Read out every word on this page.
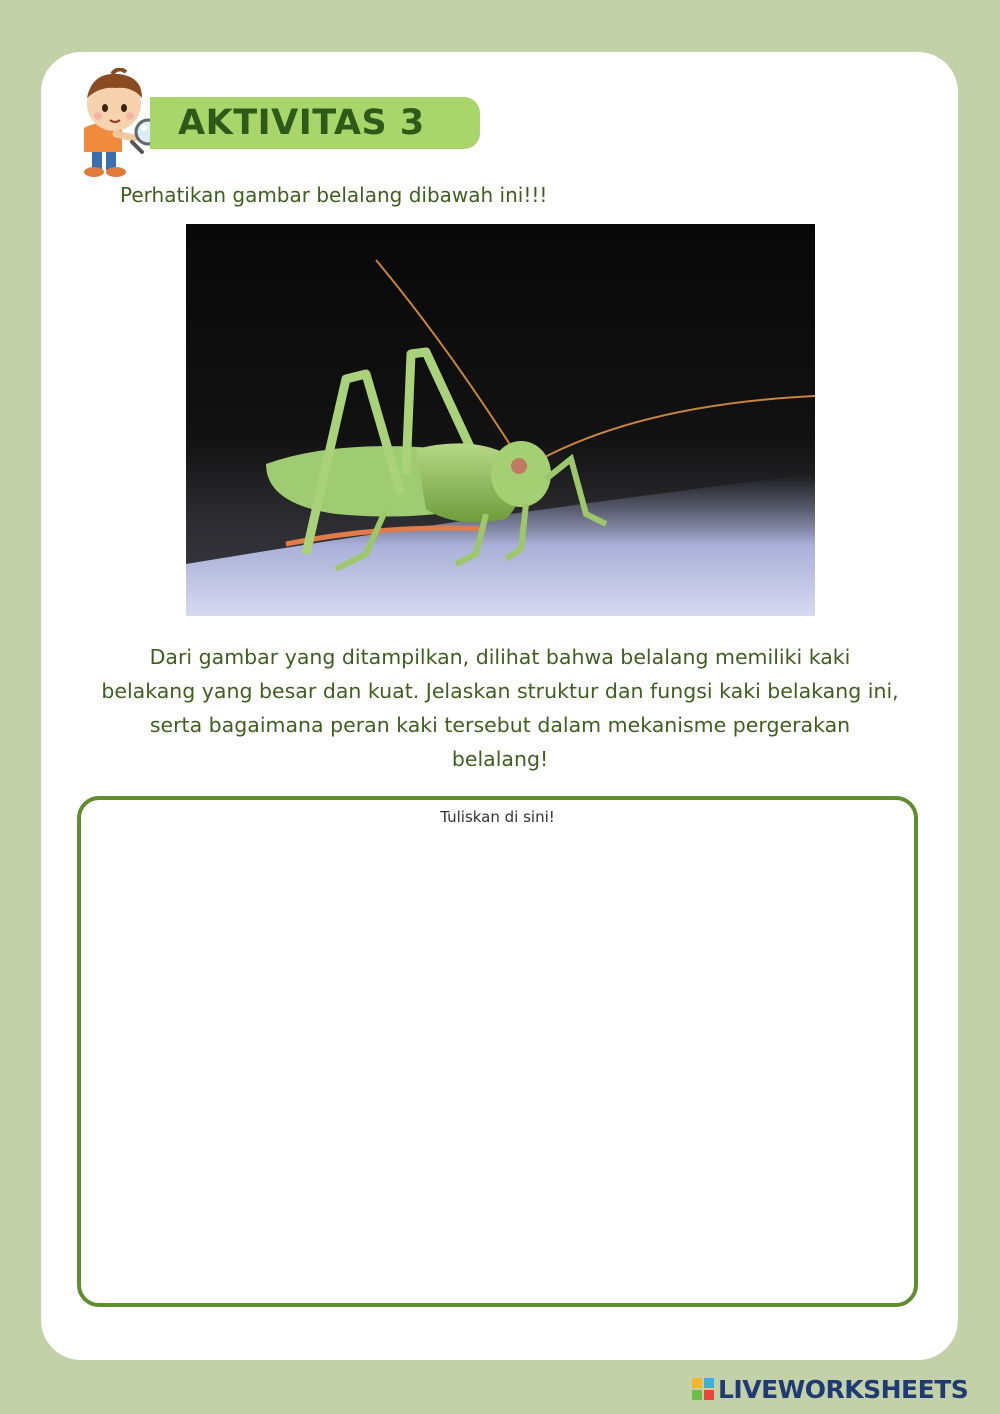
AKTIVITAS 3
Perhatikan gambar belalang dibawah ini!!!
Dari gambar yang ditampilkan, dilihat bahwa belalang memiliki kaki belakang yang besar dan kuat. Jelaskan struktur dan fungsi kaki belakang ini, serta bagaimana peran kaki tersebut dalam mekanisme pergerakan belalang!
Tuliskan di sini!
LIVEWORKSHEETS
